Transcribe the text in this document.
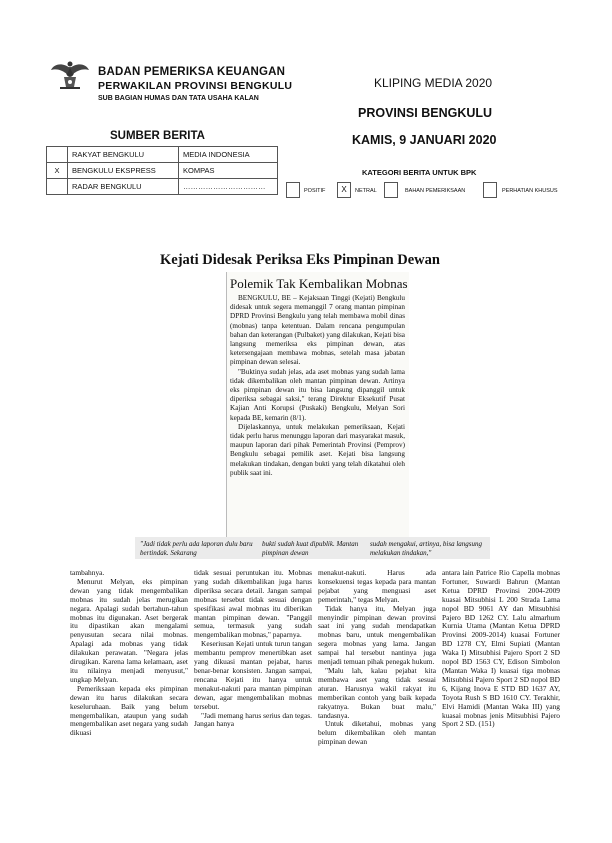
BADAN PEMERIKSA KEUANGAN
PERWAKILAN PROVINSI BENGKULU
SUB BAGIAN HUMAS DAN TATA USAHA KALAN
KLIPING MEDIA 2020
PROVINSI BENGKULU
KAMIS, 9 JANUARI 2020
SUMBER BERITA
	RAKYAT BENGKULU	MEDIA INDONESIA
X	BENGKULU EKSPRESS	KOMPAS
	RADAR BENGKULU	……………………………
KATEGORI BERITA UNTUK BPK
POSITIF	X	NETRAL	BAHAN PEMERIKSAAN	PERHATIAN KHUSUS
Kejati Didesak Periksa Eks Pimpinan Dewan
Polemik Tak Kembalikan Mobnas

BENGKULU, BE – Kejaksaan Tinggi (Kejati) Bengkulu didesak untuk segera memanggil 7 orang mantan pimpinan DPRD Provinsi Bengkulu yang telah membawa mobil dinas (mobnas) tanpa ketentuan. Dalam rencana pengumpulan bahan dan keterangan (Pulbaket) yang dilakukan, Kejati bisa langsung memeriksa eks pimpinan dewan, atas ketersengajaan membawa mobnas, setelah masa jabatan pimpinan dewan selesai.

"Buktinya sudah jelas, ada aset mobnas yang sudah lama tidak dikembalikan oleh mantan pimpinan dewan. Artinya eks pimpinan dewan itu bisa langsung dipanggil untuk diperiksa sebagai saksi," terang Direktur Eksekutif Pusat Kajian Anti Korupsi (Puskaki) Bengkulu, Melyan Sori kepada BE, kemarin (8/1).

Dijelaskannya, untuk melakukan pemeriksaan, Kejati tidak perlu harus menunggu laporan dari masyarakat masuk, maupun laporan dari pihak Pemerintah Provinsi (Pemprov) Bengkulu sebagai pemilik aset. Kejati bisa langsung melakukan tindakan, dengan bukti yang telah dikatahui oleh publik saat ini.

"Jadi tidak perlu ada laporan dulu baru bertindak. Sekarang
bukti sudah kuat dipublik. Mantan pimpinan dewan
sudah mengakui, artinya, bisa langsung melakukan tindakan,"

tambahnya.

Menurut Melyan, eks pimpinan dewan yang tidak mengembalikan mobnas itu sudah jelas merugikan negara. Apalagi sudah bertahun-tahun mobnas itu digunakan. Aset bergerak itu dipastikan akan mengalami penyusutan secara nilai mobnas. Apalagi ada mobnas yang tidak dilakukan perawatan. "Negara jelas dirugikan. Karena lama kelamaan, aset itu nilainya menjadi menyusut," ungkap Melyan.

Pemeriksaan kepada eks pimpinan dewan itu harus dilakukan secara keseluruhaan. Baik yang belum mengembalikan, ataupun yang sudah mengembalikan aset negara yang sudah dikuasi

tidak sesuai peruntukan itu. Mobnas yang sudah dikembalikan juga harus diperiksa secara detail. Jangan sampai mobnas tersebut tidak sesuai dengan spesifikasi awal mobnas itu diberikan mantan pimpinan dewan. "Panggil semua, termasuk yang sudah mengembalikan mobnas," paparnya.

Keseriusan Kejati untuk turun tangan membantu pemprov menertibkan aset yang dikuasi mantan pejabat, harus benar-benar konsisten. Jangan sampai, rencana Kejati itu hanya untuk menakut-nakuti para mantan pimpinan dewan, agar mengembalikan mobnas tersebut.

"Jadi memang harus serius dan tegas. Jangan hanya

menakut-nakuti. Harus ada konsekuensi tegas kepada para mantan pejabat yang menguasi aset pemerintah," tegas Melyan.

Tidak hanya itu, Melyan juga menyindir pimpinan dewan provinsi saat ini yang sudah mendapatkan mobnas baru, untuk mengembalikan segera mobnas yang lama. Jangan sampai hal tersebut nantinya juga menjadi temuan pihak penegak hukum.

"Malu lah, kalau pejabat kita membawa aset yang tidak sesuai aturan. Harusnya wakil rakyat itu memberikan contoh yang baik kepada rakyatnya. Bukan buat malu," tandasnya.

Untuk diketahui, mobnas yang belum dikembalikan oleh mantan pimpinan dewan

antara lain Patrice Rio Capella mobnas Fortuner, Suwardi Bahrun (Mantan Ketua DPRD Provinsi 2004-2009 kuasai Mitsubhisi L 200 Strada Lama nopol BD 9061 AY dan Mitsubhisi Pajero BD 1262 CY. Lalu almarhum Kurnia Utama (Mantan Ketua DPRD Provinsi 2009-2014) kuasai Fortuner BD 1278 CY, Elmi Supiati (Mantan Waka I) Mitsubhisi Pajero Sport 2 SD nopol BD 1563 CY, Edison Simbolon (Mantan Waka I) kuasai tiga mobnas Mitsubhisi Pajero Sport 2 SD nopol BD 6, Kijang Inova E STD BD 1637 AY, Toyota Rush S BD 1610 CY. Terakhir, Elvi Hamidi (Mantan Waka III) yang kuasai mobnas jenis Mitsubhisi Pajero Sport 2 SD. (151)
